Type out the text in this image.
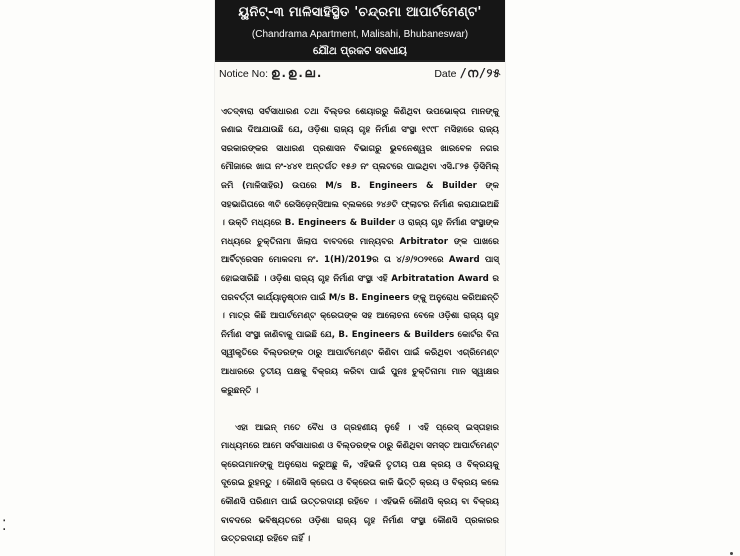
ୟୁନିଟ୍-୩ ମାଳିସାହିସ୍ଥିତ 'ଚନ୍ଦ୍ରମା ଆପାର୍ଟମେଣ୍ଟ'
(Chandrama Apartment, Malisahi, Bhubaneswar)
ଯୌଥ ପ୍ରକଟ ସବଧୀୟ
Notice No: ഉ.ഉ.ല.	Date /ന/୨୫

ଏତଦ୍ଵାରା ସର୍ବସାଧାରଣ ତଥା ବିଲ୍ଡର ଶେୟାରରୁ କିଣିଥିବା ଉପଭୋକ୍ତା ମାନଙ୍କୁ ଜଣାଇ ଦିଆଯାଉଛି ଯେ, ଓଡ଼ିଶା ରାଜ୍ୟ ଗୃହ ନିର୍ମାଣ ସଂସ୍ଥା ୧୯୯୮ ମସିହାରେ ରାଜ୍ୟ ସରକାରଙ୍କର ସାଧାରଣ ପ୍ରଶାସନ ବିଭାଗରୁ ଭୁବନେଶ୍ୱର ଖାରବେଳ ନଗର ମୌଜାରେ ଖାତା ନଂ-୪୪୧ ଅନ୍ତର୍ଗତ ୧୫୬ ନଂ ପ୍ଲଟରେ ପାଇଥିବା ଏସି.୮୨୫ ଡ଼ିସିମିଲ୍ ଜମି (ମାଳିସାହିର) ଉପରେ M/s B. Engineers & Builder ଙ୍କ ସହଭାଗିତାରେ ୩ଟି ରେସିଡ଼େନ୍ସିଆଲ ବ୍ଲକରେ ୨୪୬ଟି ଫ୍ଲାଟର ନିର୍ମାଣ କରାଯାଇଅଛି । ଉକ୍ତି ମଧ୍ୟରେ B. Engineers & Builder ଓ ରାଜ୍ୟ ଗୃହ ନିର୍ମାଣ ସଂସ୍ଥାଙ୍କ ମଧ୍ୟରେ ଚୁକ୍ତିନାମା ଖିଲାପ ବାବଦରେ ମାନ୍ୟବର Arbitrator ଙ୍କ ପାଖରେ ଆର୍ବିଟ୍ରେସନ ମୋକଦ୍ଦମା ନଂ. 1(H)/2019ର ତା ୪/୬/୨୦୨୧ରେ Award ପାସ୍ ହୋଇସାରିଛି । ଓଡ଼ିଶା ରାଜ୍ୟ ଗୃହ ନିର୍ମାଣ ସଂସ୍ଥା ଏହି Arbitratation Award ର ପରବର୍ତ୍ତୀ କାର୍ଯ୍ୟାନୁଷ୍ଠାନ ପାଇଁ M/s B. Engineers ଙ୍କୁ ଅନୁରୋଧ କରିଅଛନ୍ତି । ମାତ୍ର କିଛି ଆପାର୍ଟମେଣ୍ଟ କ୍ରେତାଙ୍କ ସହ ଆଲୋଚନା ବେଳେ ଓଡ଼ିଶା ରାଜ୍ୟ ଗୃହ ନିର୍ମାଣ ସଂସ୍ଥା ଜାଣିବାକୁ ପାଇଛି ଯେ, B. Engineers & Builders କୋର୍ଟର ବିନା ସ୍ୱୀକୃତିରେ ବିଲ୍ଡରଙ୍କ ଠାରୁ ଆପାର୍ଟମେଣ୍ଟ କିଣିବା ପାଇଁ କରିଥିବା ଏଗ୍ରିମେଣ୍ଟ ଆଧାରରେ ତୃତୀୟ ପକ୍ଷକୁ ବିକ୍ରୟ କରିବା ପାଇଁ ପୁନଃ ଚୁକ୍ତିନାମା ମାନ ସ୍ୱାକ୍ଷର କରୁଛନ୍ତି ।

ଏହା ଆଇନ୍ ମତେ ବୈଧ ଓ ଗ୍ରହଣୀୟ ନୁହେଁ । ଏହି ପ୍ରେସ୍ ଇସ୍ତାହାର ମାଧ୍ୟମରେ ଆମେ ସର୍ବସାଧାରଣ ଓ ବିଲ୍ଡରଙ୍କ ଠାରୁ କିଣିଥିବା ସମସ୍ତ ଆପାର୍ଟମେଣ୍ଟ କ୍ରେତାମାନଙ୍କୁ ଅନୁରୋଧ କରୁଅଛୁ କି, ଏହିଭଳି ତୃତୀୟ ପକ୍ଷ କ୍ରୟ ଓ ବିକ୍ରୟକୁ ଦୂରେଇ ରୁହନ୍ତୁ । କୌଣସି କ୍ରେତା ଓ ବିକ୍ରେତା କାଳି ଭିତ୍ତି କ୍ରୟ ଓ ବିକ୍ରୟ କଲେ କୌଣସି ପରିଣାମ ପାଇଁ ଉତ୍ତରଦାୟୀ ରହିବେ । ଏହିଭଳି କୌଣସି କ୍ରୟ ବା ବିକ୍ରୟ ବାବଦରେ ଭବିଷ୍ୟତରେ ଓଡ଼ିଶା ରାଜ୍ୟ ଗୃହ ନିର୍ମାଣ ସଂସ୍ଥା କୌଣସି ପ୍ରକାରର ଉତ୍ତରଦାୟୀ ରହିବେ ନାହିଁ ।

⁚
